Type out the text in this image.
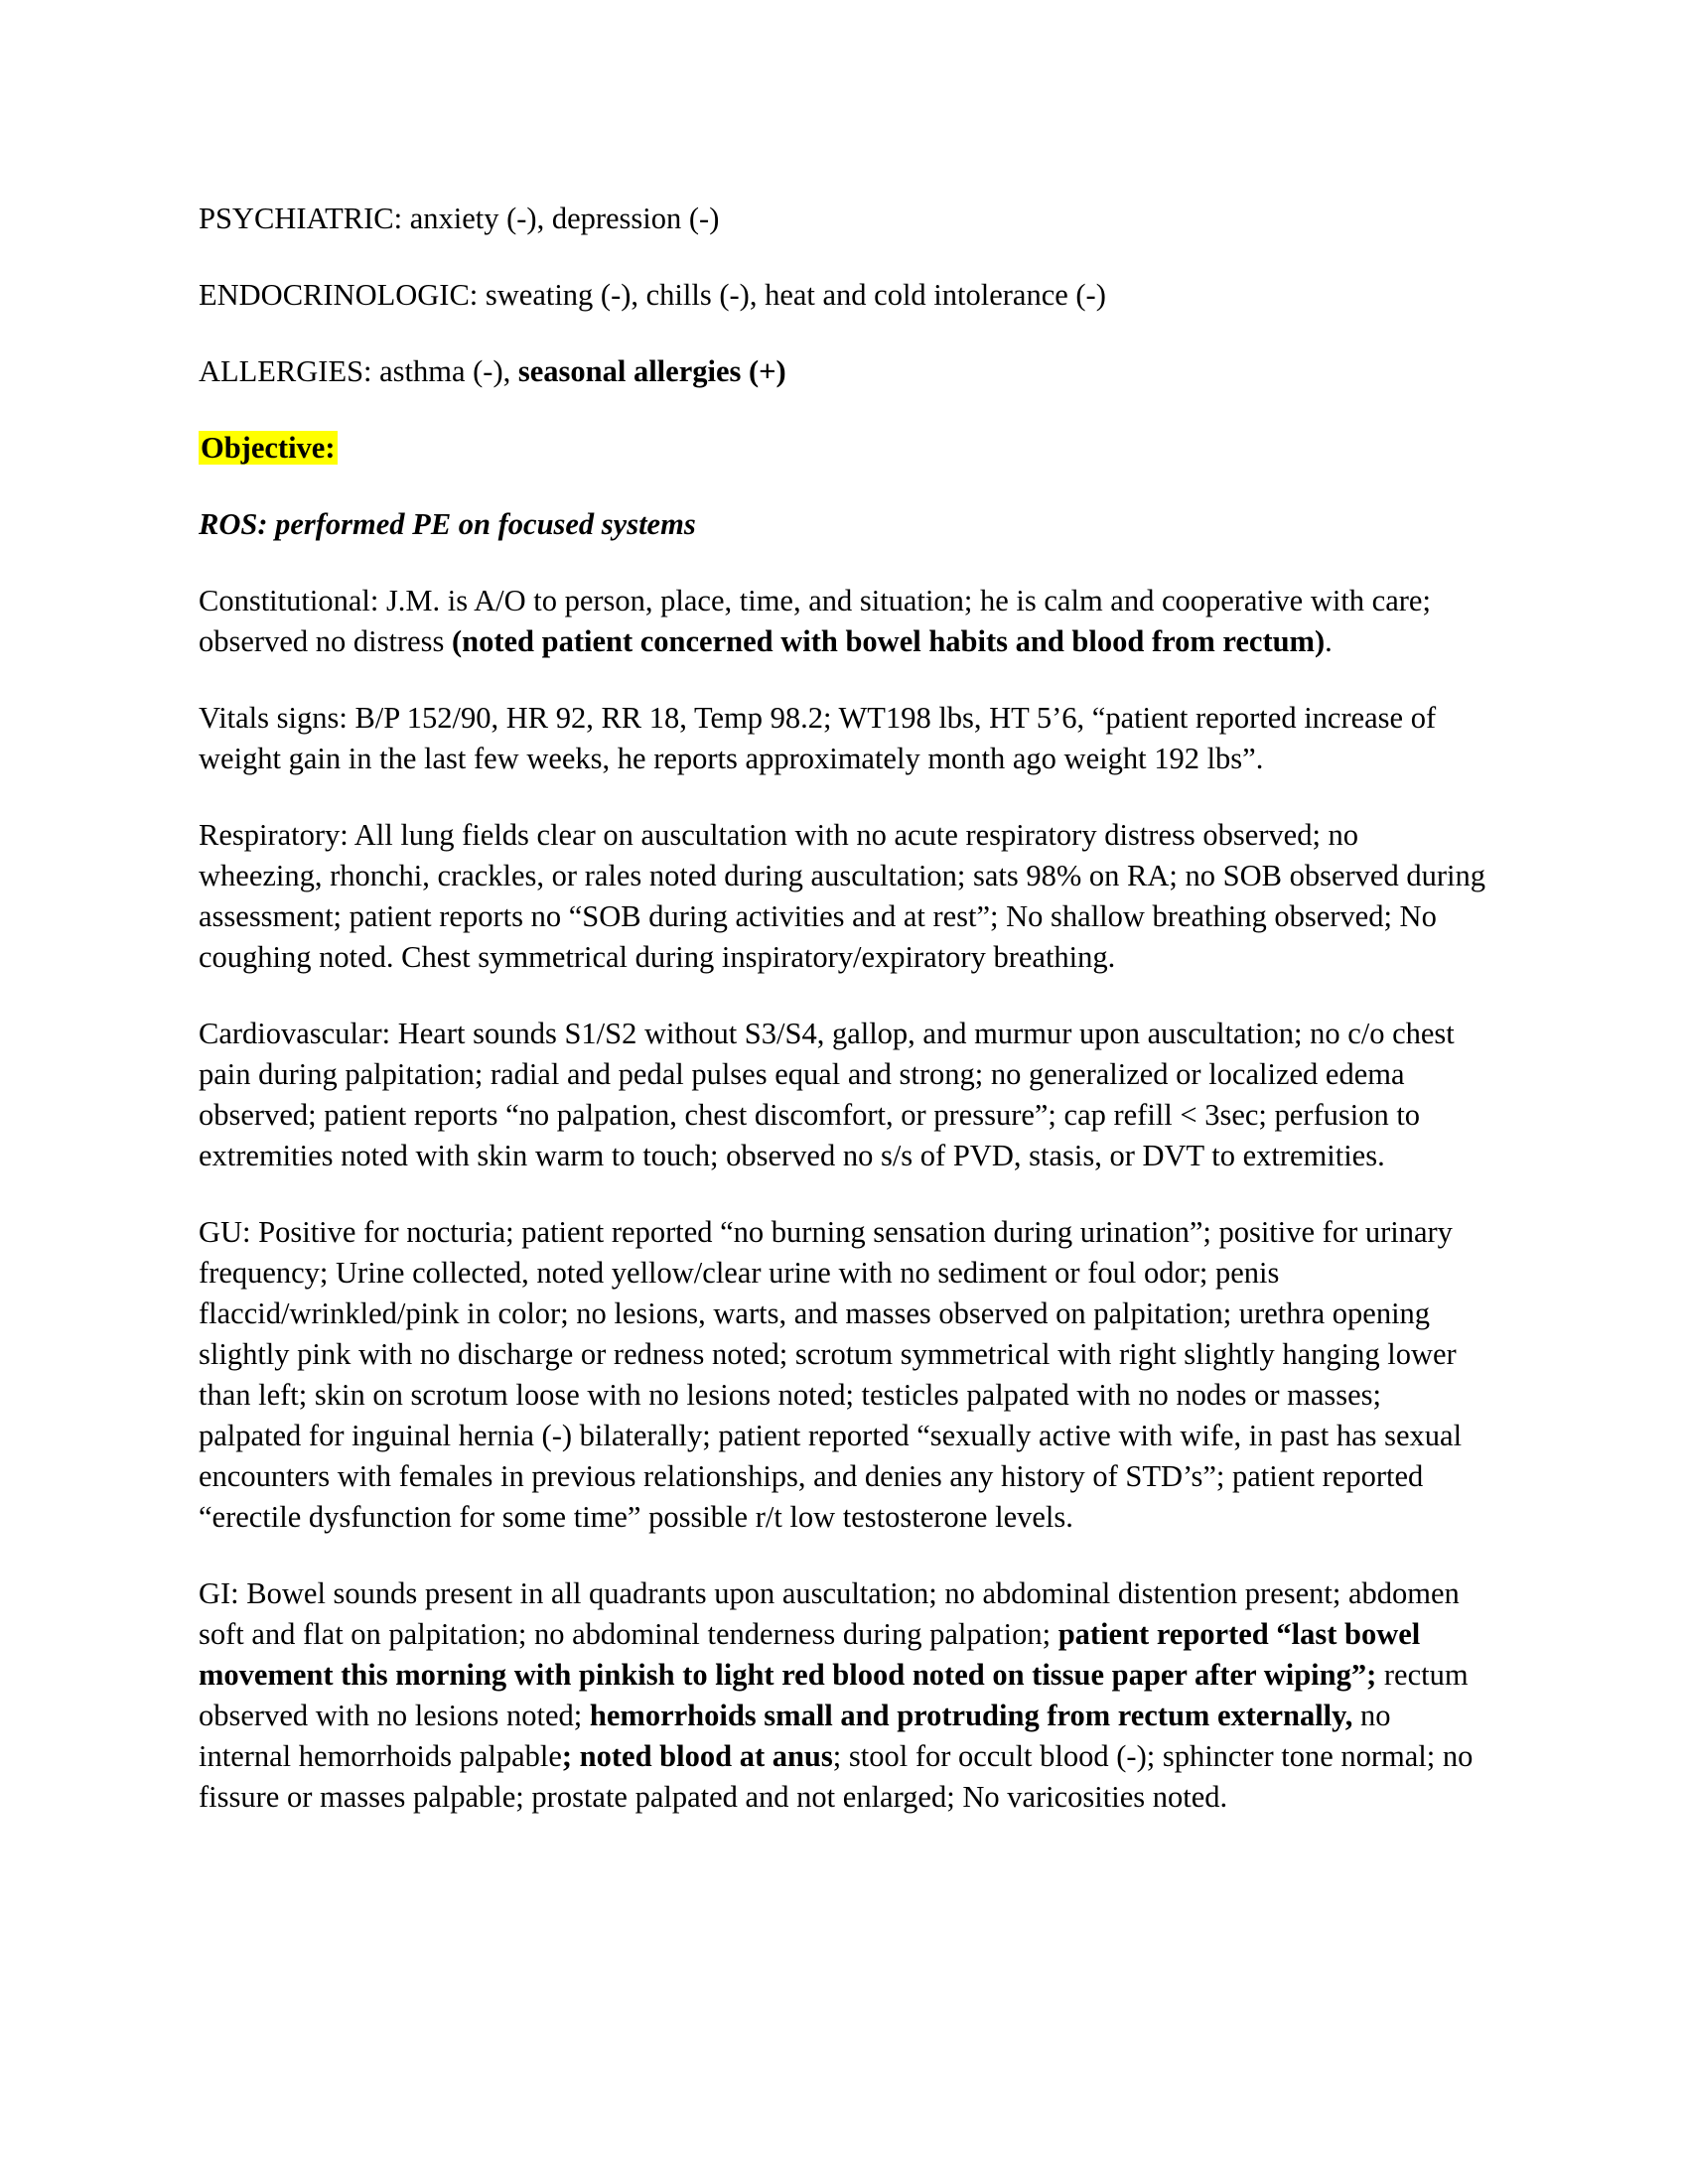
PSYCHIATRIC: anxiety (-), depression (-)

ENDOCRINOLOGIC: sweating (-), chills (-), heat and cold intolerance (-)

ALLERGIES: asthma (-), seasonal allergies (+)

Objective:

ROS: performed PE on focused systems

Constitutional: J.M. is A/O to person, place, time, and situation; he is calm and cooperative with care; observed no distress (noted patient concerned with bowel habits and blood from rectum).

Vitals signs: B/P 152/90, HR 92, RR 18, Temp 98.2; WT198 lbs, HT 5’6, “patient reported increase of weight gain in the last few weeks, he reports approximately month ago weight 192 lbs”.

Respiratory: All lung fields clear on auscultation with no acute respiratory distress observed; no wheezing, rhonchi, crackles, or rales noted during auscultation; sats 98% on RA; no SOB observed during assessment; patient reports no “SOB during activities and at rest”; No shallow breathing observed; No coughing noted. Chest symmetrical during inspiratory/expiratory breathing.

Cardiovascular: Heart sounds S1/S2 without S3/S4, gallop, and murmur upon auscultation; no c/o chest pain during palpitation; radial and pedal pulses equal and strong; no generalized or localized edema observed; patient reports “no palpation, chest discomfort, or pressure”; cap refill < 3sec; perfusion to extremities noted with skin warm to touch; observed no s/s of PVD, stasis, or DVT to extremities.

GU: Positive for nocturia; patient reported “no burning sensation during urination”; positive for urinary frequency; Urine collected, noted yellow/clear urine with no sediment or foul odor; penis flaccid/wrinkled/pink in color; no lesions, warts, and masses observed on palpitation; urethra opening slightly pink with no discharge or redness noted; scrotum symmetrical with right slightly hanging lower than left; skin on scrotum loose with no lesions noted; testicles palpated with no nodes or masses; palpated for inguinal hernia (-) bilaterally; patient reported “sexually active with wife, in past has sexual encounters with females in previous relationships, and denies any history of STD’s”; patient reported “erectile dysfunction for some time” possible r/t low testosterone levels.

GI: Bowel sounds present in all quadrants upon auscultation; no abdominal distention present; abdomen soft and flat on palpitation; no abdominal tenderness during palpation; patient reported “last bowel movement this morning with pinkish to light red blood noted on tissue paper after wiping”; rectum observed with no lesions noted; hemorrhoids small and protruding from rectum externally, no internal hemorrhoids palpable; noted blood at anus; stool for occult blood (-); sphincter tone normal; no fissure or masses palpable; prostate palpated and not enlarged; No varicosities noted.
